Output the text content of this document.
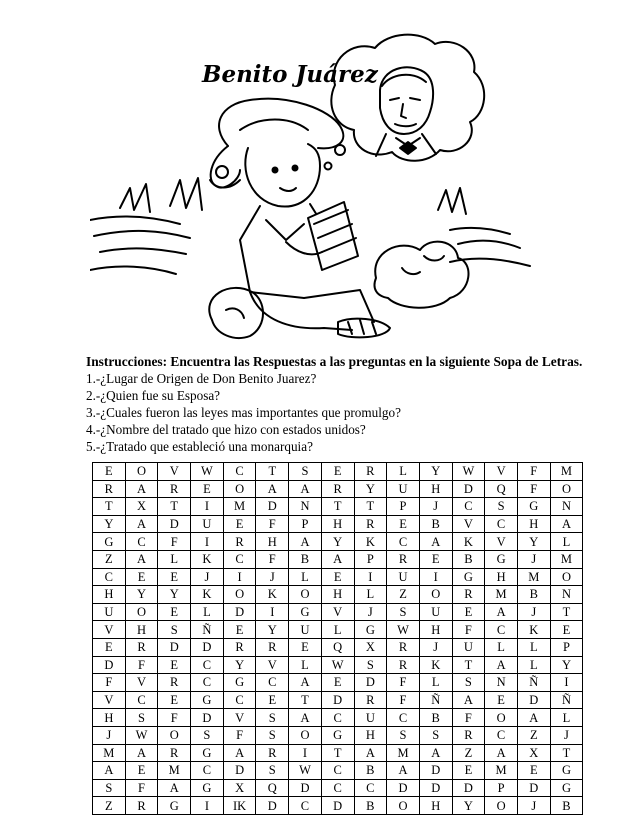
Benito Juárez
Instrucciones: Encuentra las Respuestas a las preguntas en la siguiente Sopa de Letras.
1.-¿Lugar de Origen de Don Benito Juarez?
2.-¿Quien fue su Esposa?
3.-¿Cuales fueron las leyes mas importantes que promulgo?
4.-¿Nombre del tratado que hizo con estados unidos?
5.-¿Tratado que estableció una monarquia?
E	O	V	W	C	T	S	E	R	L	Y	W	V	F	M
R	A	R	E	O	A	A	R	Y	U	H	D	Q	F	O
T	X	T	I	M	D	N	T	T	P	J	C	S	G	N
Y	A	D	U	E	F	P	H	R	E	B	V	C	H	A
G	C	F	I	R	H	A	Y	K	C	A	K	V	Y	L
Z	A	L	K	C	F	B	A	P	R	E	B	G	J	M
C	E	E	J	I	J	L	E	I	U	I	G	H	M	O
H	Y	Y	K	O	K	O	H	L	Z	O	R	M	B	N
U	O	E	L	D	I	G	V	J	S	U	E	A	J	T
V	H	S	Ñ	E	Y	U	L	G	W	H	F	C	K	E
E	R	D	D	R	R	E	Q	X	R	J	U	L	L	P
D	F	E	C	Y	V	L	W	S	R	K	T	A	L	Y
F	V	R	C	G	C	A	E	D	F	L	S	N	Ñ	I
V	C	E	G	C	E	T	D	R	F	Ñ	A	E	D	Ñ
H	S	F	D	V	S	A	C	U	C	B	F	O	A	L
J	W	O	S	F	S	O	G	H	S	S	R	C	Z	J
M	A	R	G	A	R	I	T	A	M	A	Z	A	X	T
A	E	M	C	D	S	W	C	B	A	D	E	M	E	G
S	F	A	G	X	Q	D	C	C	D	D	D	P	D	G
Z	R	G	I	IK	D	C	D	B	O	H	Y	O	J	B
